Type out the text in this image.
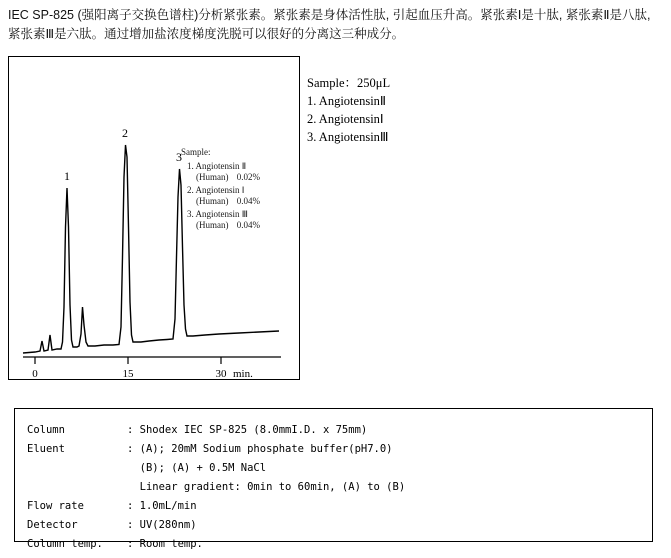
IEC SP-825 (强阳离子交换色谱柱)分析紧张素。紧张素是身体活性肽, 引起血压升高。紧张素Ⅰ是十肽, 紧张素Ⅱ是八肽, 紧张素Ⅲ是六肽。通过增加盐浓度梯度洗脱可以很好的分离这三种成分。
0	15	30 min.
1
2
3 Sample:
1. Angiotensin Ⅱ
(Human) 0.02%
2. Angiotensin Ⅰ
(Human) 0.04%
3. Angiotensin Ⅲ
(Human) 0.04%
Sample：250μL
1. AngiotensinⅡ
2. AngiotensinⅠ
3. AngiotensinⅢ
Column	: Shodex IEC SP-825 (8.0mmI.D. x 75mm)
Eluent	: (A); 20mM Sodium phosphate buffer(pH7.0)
	(B); (A) + 0.5M NaCl
	Linear gradient: 0min to 60min, (A) to (B)
Flow rate	: 1.0mL/min
Detector	: UV(280nm)
Column temp.	: Room temp.
